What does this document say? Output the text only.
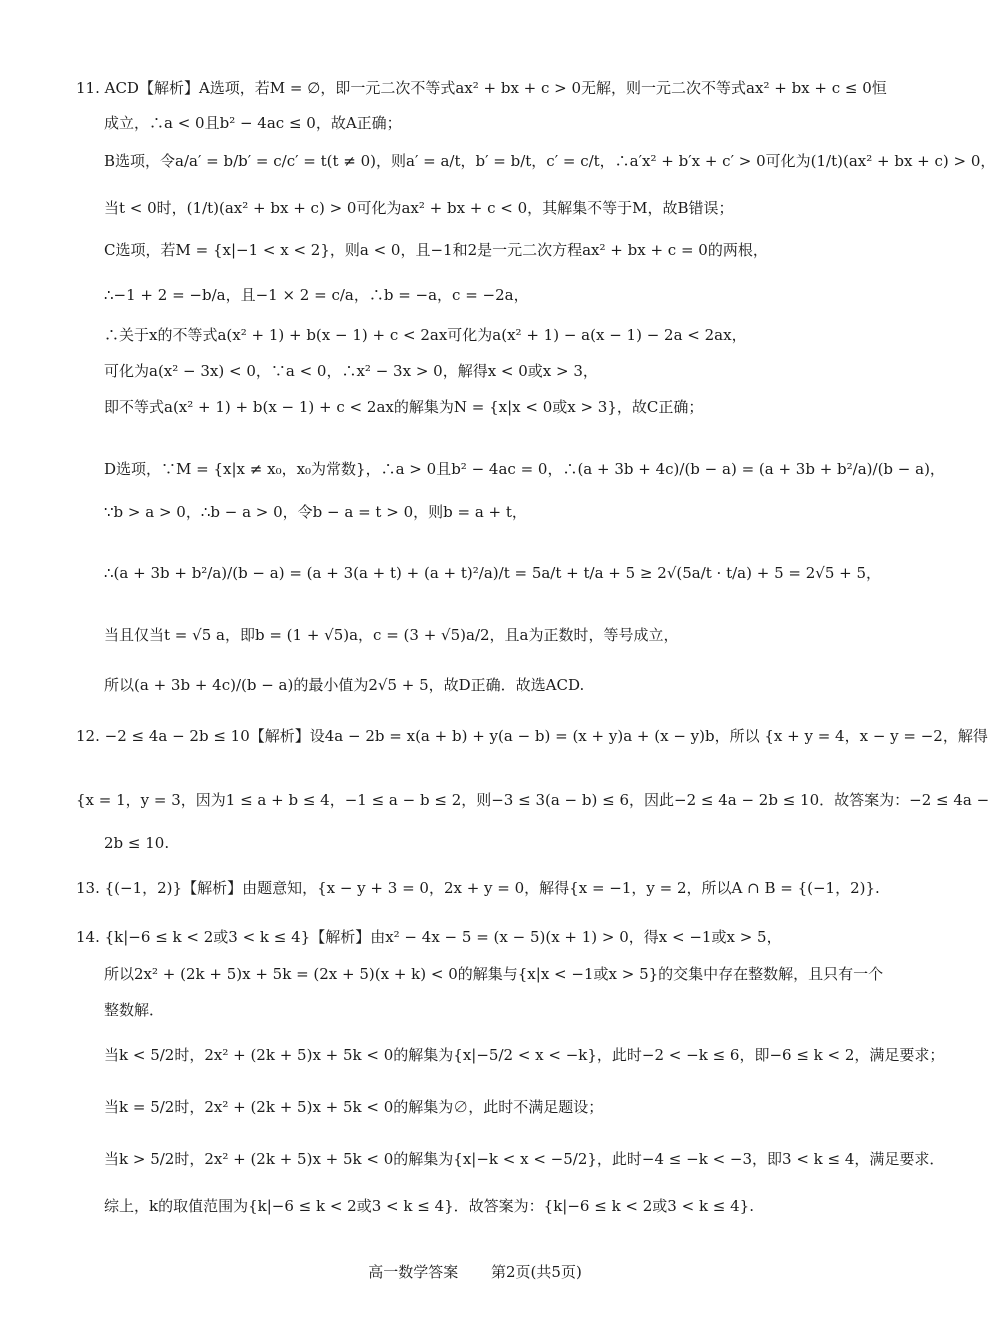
11. ACD【解析】A选项，若M = ∅，即一元二次不等式ax² + bx + c > 0无解，则一元二次不等式ax² + bx + c ≤ 0恒
成立，∴a < 0且b² − 4ac ≤ 0，故A正确；
B选项，令a/a′ = b/b′ = c/c′ = t(t ≠ 0)，则a′ = a/t，b′ = b/t，c′ = c/t，∴a′x² + b′x + c′ > 0可化为(1/t)(ax² + bx + c) > 0，
当t < 0时，(1/t)(ax² + bx + c) > 0可化为ax² + bx + c < 0，其解集不等于M，故B错误；
C选项，若M = {x|−1 < x < 2}，则a < 0，且−1和2是一元二次方程ax² + bx + c = 0的两根，
∴−1 + 2 = −b/a，且−1 × 2 = c/a，∴b = −a，c = −2a，
∴关于x的不等式a(x² + 1) + b(x − 1) + c < 2ax可化为a(x² + 1) − a(x − 1) − 2a < 2ax，
可化为a(x² − 3x) < 0，∵a < 0，∴x² − 3x > 0，解得x < 0或x > 3，
即不等式a(x² + 1) + b(x − 1) + c < 2ax的解集为N = {x|x < 0或x > 3}，故C正确；
D选项，∵M = {x|x ≠ x₀，x₀为常数}，∴a > 0且b² − 4ac = 0，∴(a + 3b + 4c)/(b − a) = (a + 3b + b²/a)/(b − a)，
∵b > a > 0，∴b − a > 0，令b − a = t > 0，则b = a + t，
∴(a + 3b + b²/a)/(b − a) = (a + 3(a + t) + (a + t)²/a)/t = 5a/t + t/a + 5 ≥ 2√(5a/t · t/a) + 5 = 2√5 + 5，
当且仅当t = √5 a，即b = (1 + √5)a，c = (3 + √5)a/2，且a为正数时，等号成立，
所以(a + 3b + 4c)/(b − a)的最小值为2√5 + 5，故D正确．故选ACD.
12. −2 ≤ 4a − 2b ≤ 10【解析】设4a − 2b = x(a + b) + y(a − b) = (x + y)a + (x − y)b，所以 {x + y = 4，x − y = −2，解得
{x = 1，y = 3，因为1 ≤ a + b ≤ 4，−1 ≤ a − b ≤ 2，则−3 ≤ 3(a − b) ≤ 6，因此−2 ≤ 4a − 2b ≤ 10．故答案为：−2 ≤ 4a −
2b ≤ 10.
13. {(−1，2)}【解析】由题意知，{x − y + 3 = 0，2x + y = 0，解得{x = −1，y = 2，所以A ∩ B = {(−1，2)}.
14. {k|−6 ≤ k < 2或3 < k ≤ 4}【解析】由x² − 4x − 5 = (x − 5)(x + 1) > 0，得x < −1或x > 5，
所以2x² + (2k + 5)x + 5k = (2x + 5)(x + k) < 0的解集与{x|x < −1或x > 5}的交集中存在整数解，且只有一个
整数解．
当k < 5/2时，2x² + (2k + 5)x + 5k < 0的解集为{x|−5/2 < x < −k}，此时−2 < −k ≤ 6，即−6 ≤ k < 2，满足要求；
当k = 5/2时，2x² + (2k + 5)x + 5k < 0的解集为∅，此时不满足题设；
当k > 5/2时，2x² + (2k + 5)x + 5k < 0的解集为{x|−k < x < −5/2}，此时−4 ≤ −k < −3，即3 < k ≤ 4，满足要求．
综上，k的取值范围为{k|−6 ≤ k < 2或3 < k ≤ 4}．故答案为：{k|−6 ≤ k < 2或3 < k ≤ 4}.
高一数学答案 第2页(共5页)
